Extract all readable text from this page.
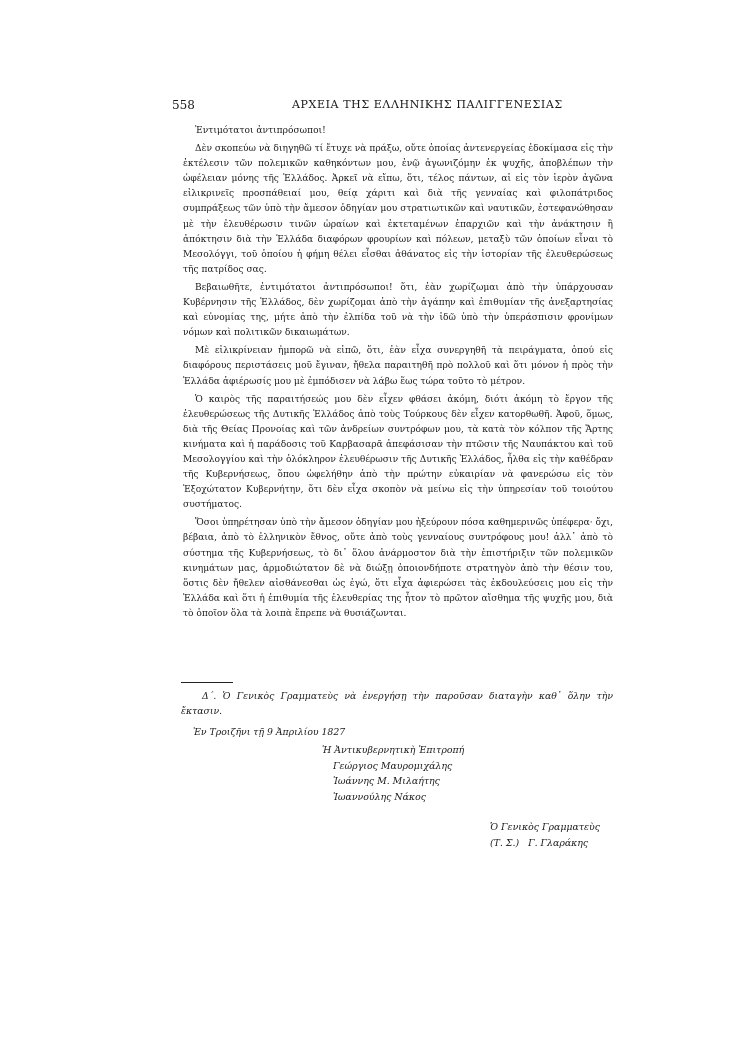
558	ΑΡΧΕΙΑ ΤΗΣ ΕΛΛΗΝΙΚΗΣ ΠΑΛΙΓΓΕΝΕΣΙΑΣ

Ἐντιμότατοι ἀντιπρόσωποι!

Δὲν σκοπεύω νὰ διηγηθῶ τί ἔτυχε νὰ πράξω, οὔτε ὁποίας ἀντενεργείας ἐδοκίμασα εἰς τὴν ἐκτέλεσιν τῶν πολεμικῶν καθηκόντων μου, ἐνῷ ἀγωνιζόμην ἐκ ψυχῆς, ἀποβλέπων τὴν ὠφέλειαν μόνης τῆς Ἑλλάδος. Ἀρκεῖ νὰ εἴπω, ὅτι, τέλος πάντων, αἱ εἰς τὸν ἱερὸν ἀγῶνα εἰλικρινεῖς προσπάθειαί μου, θείᾳ χάριτι καὶ διὰ τῆς γενναίας καὶ φιλοπάτριδος συμπράξεως τῶν ὑπὸ τὴν ἄμεσον ὁδηγίαν μου στρατιωτικῶν καὶ ναυτικῶν, ἐστεφανώθησαν μὲ τὴν ἐλευθέρωσιν τινῶν ὡραίων καὶ ἐκτεταμένων ἐπαρχιῶν καὶ τὴν ἀνάκτησιν ἢ ἀπόκτησιν διὰ τὴν Ἑλλάδα διαφόρων φρουρίων καὶ πόλεων, μεταξὺ τῶν ὁποίων εἶναι τὸ Μεσολόγγι, τοῦ ὁποίου ἡ φήμη θέλει εἶσθαι ἀθάνατος εἰς τὴν ἱστορίαν τῆς ἐλευθερώσεως τῆς πατρίδος σας.

Βεβαιωθῆτε, ἐντιμότατοι ἀντιπρόσωποι! ὅτι, ἐὰν χωρίζωμαι ἀπὸ τὴν ὑπάρχουσαν Κυβέρνησιν τῆς Ἑλλάδος, δὲν χωρίζομαι ἀπὸ τὴν ἀγάπην καὶ ἐπιθυμίαν τῆς ἀνεξαρτησίας καὶ εὐνομίας της, μήτε ἀπὸ τὴν ἐλπίδα τοῦ νὰ τὴν ἰδῶ ὑπὸ τὴν ὑπεράσπισιν φρονίμων νόμων καὶ πολιτικῶν δικαιωμάτων.

Μὲ εἰλικρίνειαν ἠμπορῶ νὰ εἰπῶ, ὅτι, ἐὰν εἶχα συνεργηθῆ τὰ πειράγματα, ὁπού εἰς διαφόρους περιστάσεις μοῦ ἔγιναν, ἤθελα παραιτηθῆ πρὸ πολλοῦ καὶ ὅτι μόνον ἡ πρὸς τὴν Ἑλλάδα ἀφιέρωσίς μου μὲ ἐμπόδισεν νὰ λάβω ἕως τώρα τοῦτο τὸ μέτρον.

Ὁ καιρὸς τῆς παραιτήσεώς μου δὲν εἶχεν φθάσει ἀκόμη, διότι ἀκόμη τὸ ἔργον τῆς ἐλευθερώσεως τῆς Δυτικῆς Ἑλλάδος ἀπὸ τοὺς Τούρκους δὲν εἶχεν κατορθωθῆ. Ἀφοῦ, ὅμως, διὰ τῆς Θείας Προνοίας καὶ τῶν ἀνδρείων συντρόφων μου, τὰ κατὰ τὸν κόλπον τῆς Ἄρτης κινήματα καὶ ἡ παράδοσις τοῦ Καρβασαρᾶ ἀπεφάσισαν τὴν πτῶσιν τῆς Ναυπάκτου καὶ τοῦ Μεσολογγίου καὶ τὴν ὁλόκληρον ἐλευθέρωσιν τῆς Δυτικῆς Ἑλλάδος, ἦλθα εἰς τὴν καθέδραν τῆς Κυβερνήσεως, ὅπου ὠφελήθην ἀπὸ τὴν πρώτην εὐκαιρίαν νὰ φανερώσω εἰς τὸν Ἐξοχώτατον Κυβερνήτην, ὅτι δὲν εἶχα σκοπὸν νὰ μείνω εἰς τὴν ὑπηρεσίαν τοῦ τοιούτου συστήματος.

Ὅσοι ὑπηρέτησαν ὑπὸ τὴν ἄμεσον ὁδηγίαν μου ἠξεύρουν πόσα καθημερινῶς ὑπέφερα· ὄχι, βέβαια, ἀπὸ τὸ ἑλληνικὸν ἔθνος, οὔτε ἀπὸ τοὺς γενναίους συντρόφους μου! ἀλλ᾽ ἀπὸ τὸ σύστημα τῆς Κυβερνήσεως, τὸ δι᾽ ὅλου ἀνάρμοστον διὰ τὴν ἐπιστήριξιν τῶν πολεμικῶν κινημάτων μας, ἁρμοδιώτατον δὲ νὰ διώξῃ ὁποιονδήποτε στρατηγὸν ἀπὸ τὴν θέσιν του, ὅστις δὲν ἤθελεν αἰσθάνεσθαι ὡς ἐγώ, ὅτι εἶχα ἀφιερώσει τὰς ἐκδουλεύσεις μου εἰς τὴν Ἑλλάδα καὶ ὅτι ἡ ἐπιθυμία τῆς ἐλευθερίας της ἦτον τὸ πρῶτον αἴσθημα τῆς ψυχῆς μου, διὰ τὸ ὁποῖον ὅλα τὰ λοιπὰ ἔπρεπε νὰ θυσιάζωνται.

Δ´. Ὁ Γενικὸς Γραμματεὺς νὰ ἐνεργήσῃ τὴν παροῦσαν διαταγὴν καθ᾽ ὅλην τὴν ἔκτασιν.

Ἐν Τροιζῆνι τῇ 9 Ἀπριλίου 1827

Ἡ Ἀντικυβερνητικὴ Ἐπιτροπή
Γεώργιος Μαυρομιχάλης
Ἰωάννης Μ. Μιλαήτης
Ἰωαννούλης Νάκος
Ὁ Γενικὸς Γραμματεὺς
(Τ. Σ.)   Γ. Γλαράκης
